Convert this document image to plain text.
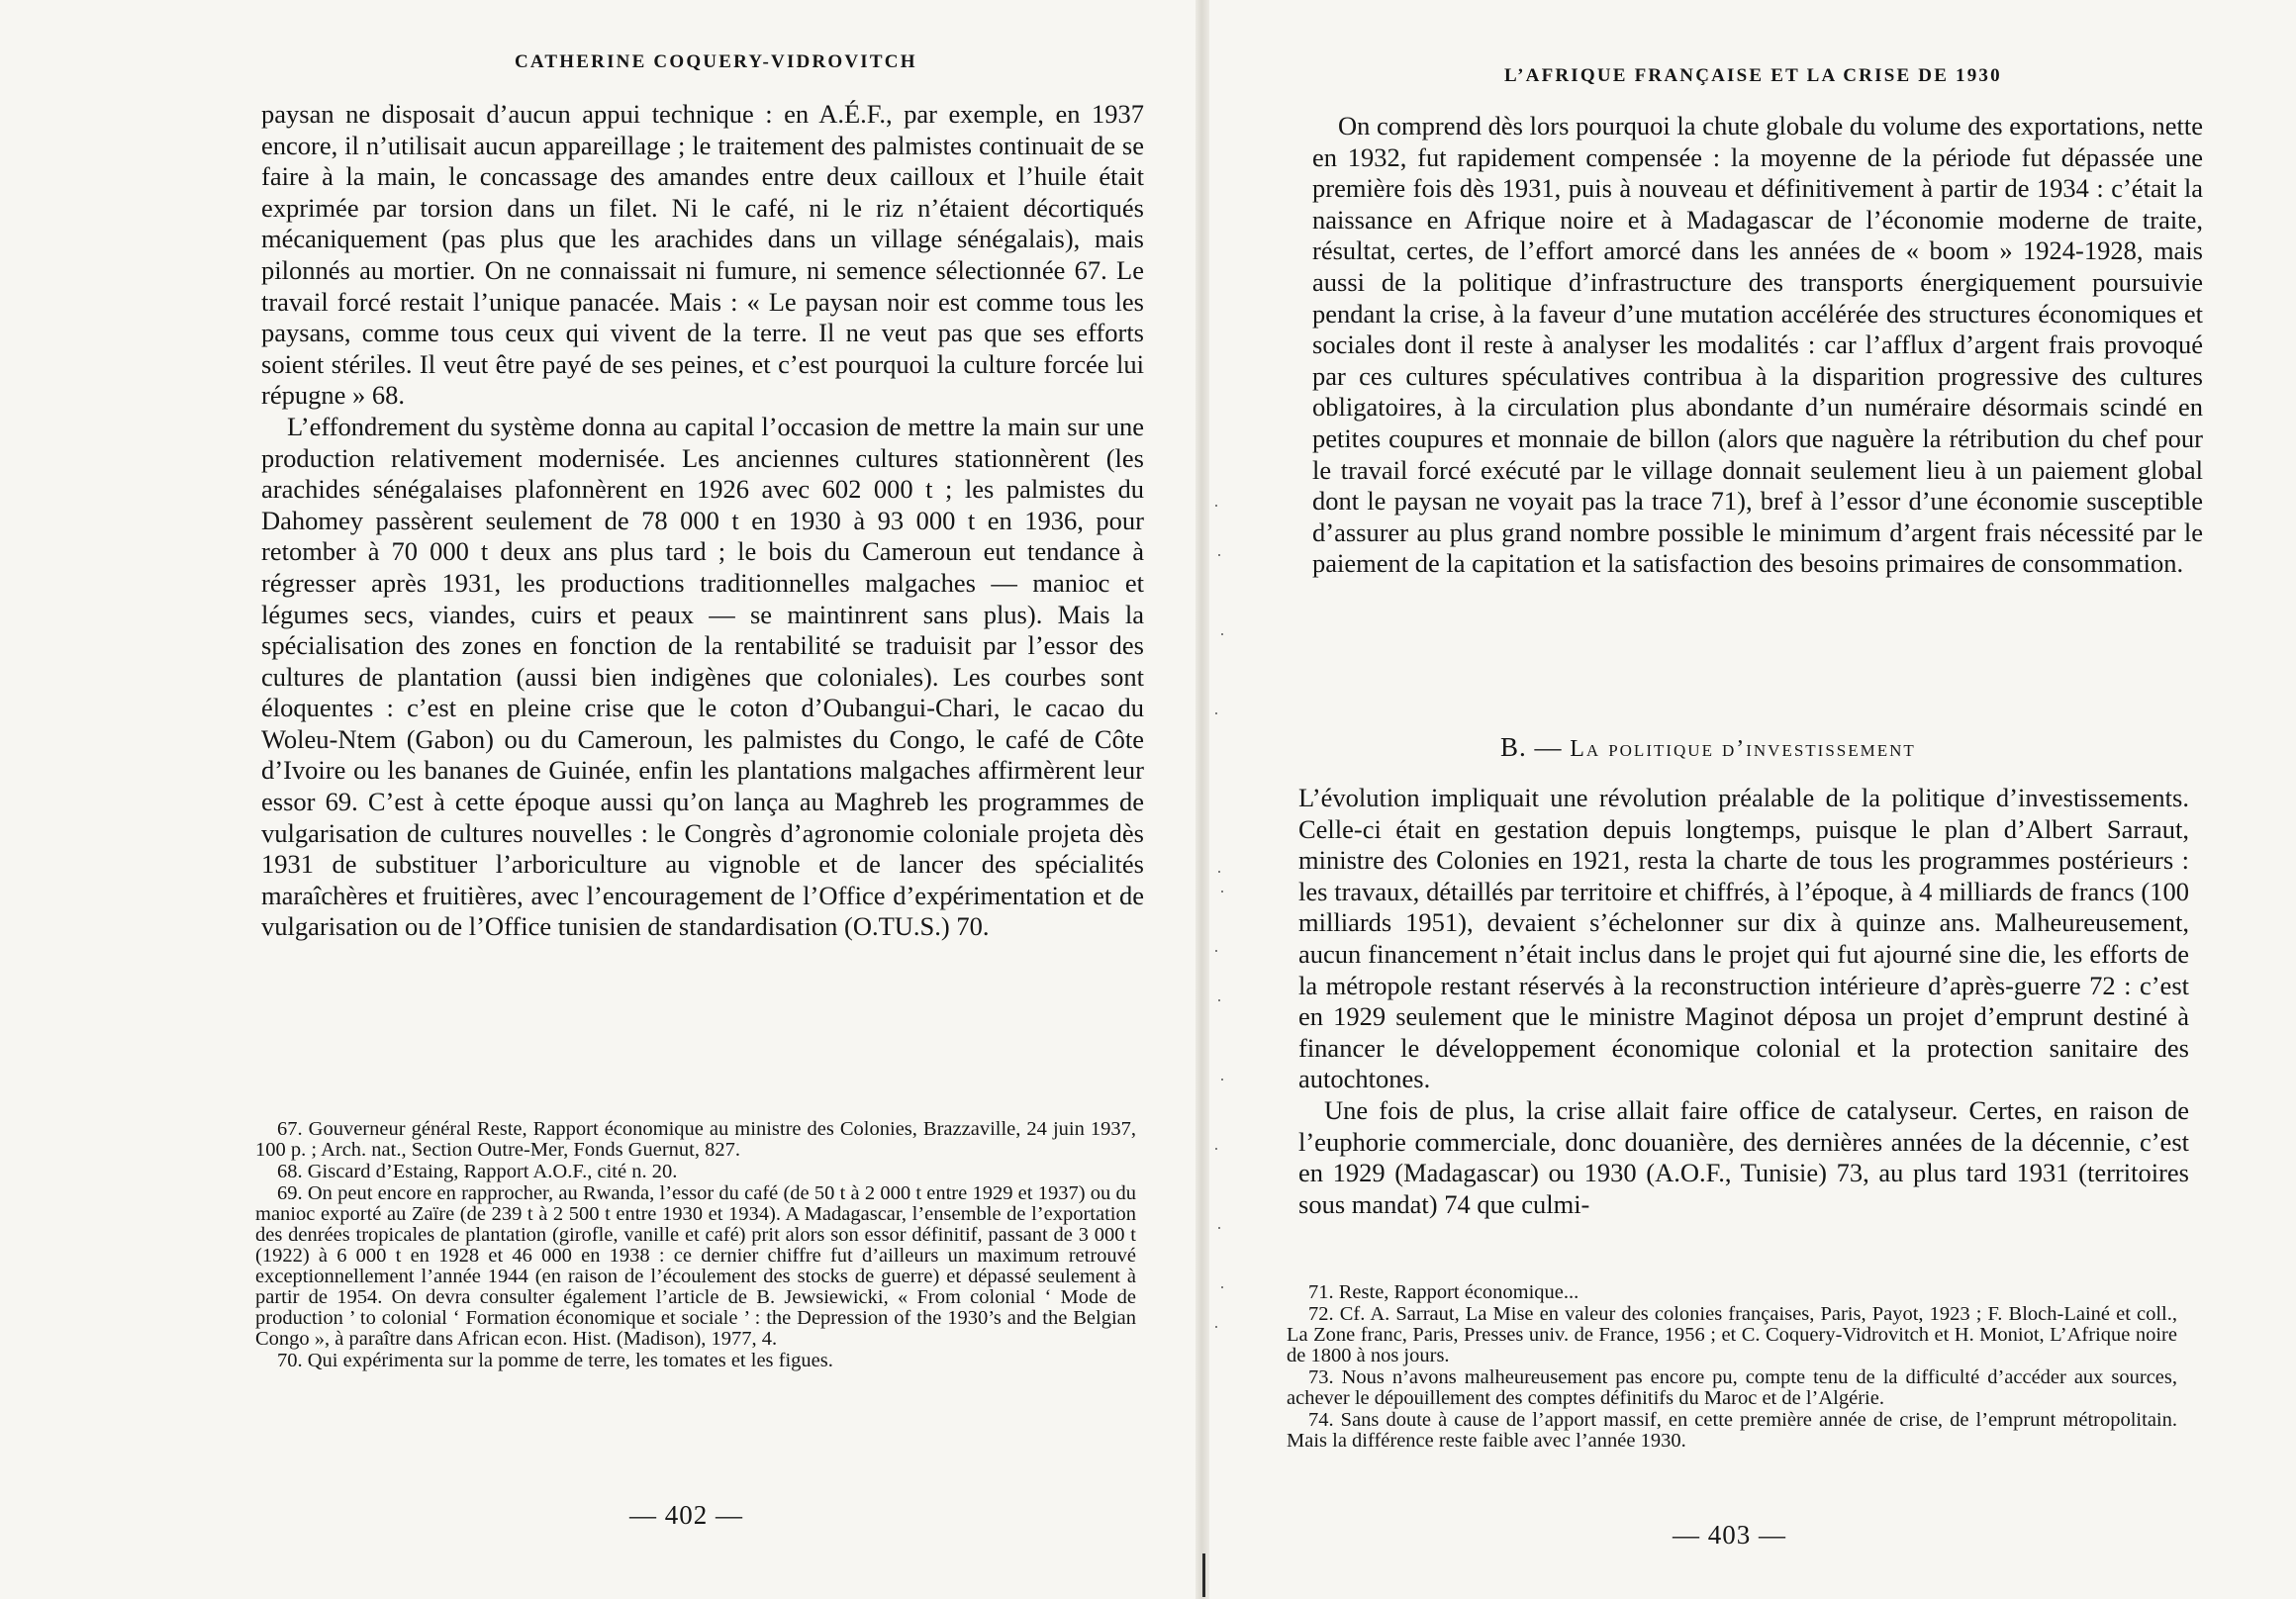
CATHERINE COQUERY-VIDROVITCH

paysan ne disposait d’aucun appui technique : en A.É.F., par exemple, en 1937 encore, il n’utilisait aucun appareillage ; le traitement des palmistes continuait de se faire à la main, le concassage des amandes entre deux cailloux et l’huile était exprimée par torsion dans un filet. Ni le café, ni le riz n’étaient décortiqués mécaniquement (pas plus que les arachides dans un village sénégalais), mais pilonnés au mortier. On ne connaissait ni fumure, ni semence sélectionnée 67. Le travail forcé restait l’unique panacée. Mais : « Le paysan noir est comme tous les paysans, comme tous ceux qui vivent de la terre. Il ne veut pas que ses efforts soient stériles. Il veut être payé de ses peines, et c’est pourquoi la culture forcée lui répugne » 68.

L’effondrement du système donna au capital l’occasion de mettre la main sur une production relativement modernisée. Les anciennes cultures stationnèrent (les arachides sénégalaises plafonnèrent en 1926 avec 602 000 t ; les palmistes du Dahomey passèrent seulement de 78 000 t en 1930 à 93 000 t en 1936, pour retomber à 70 000 t deux ans plus tard ; le bois du Cameroun eut tendance à régresser après 1931, les productions traditionnelles malgaches — manioc et légumes secs, viandes, cuirs et peaux — se maintinrent sans plus). Mais la spécialisation des zones en fonction de la rentabilité se traduisit par l’essor des cultures de plantation (aussi bien indigènes que coloniales). Les courbes sont éloquentes : c’est en pleine crise que le coton d’Oubangui-Chari, le cacao du Woleu-Ntem (Gabon) ou du Cameroun, les palmistes du Congo, le café de Côte d’Ivoire ou les bananes de Guinée, enfin les plantations malgaches affirmèrent leur essor 69. C’est à cette époque aussi qu’on lança au Maghreb les programmes de vulgarisation de cultures nouvelles : le Congrès d’agronomie coloniale projeta dès 1931 de substituer l’arboriculture au vignoble et de lancer des spécialités maraîchères et fruitières, avec l’encouragement de l’Office d’expérimentation et de vulgarisation ou de l’Office tunisien de standardisation (O.TU.S.) 70.

67. Gouverneur général Reste, Rapport économique au ministre des Colonies, Brazzaville, 24 juin 1937, 100 p. ; Arch. nat., Section Outre-Mer, Fonds Guernut, 827.

68. Giscard d’Estaing, Rapport A.O.F., cité n. 20.

69. On peut encore en rapprocher, au Rwanda, l’essor du café (de 50 t à 2 000 t entre 1929 et 1937) ou du manioc exporté au Zaïre (de 239 t à 2 500 t entre 1930 et 1934). A Madagascar, l’ensemble de l’exportation des denrées tropicales de plantation (girofle, vanille et café) prit alors son essor définitif, passant de 3 000 t (1922) à 6 000 t en 1928 et 46 000 en 1938 : ce dernier chiffre fut d’ailleurs un maximum retrouvé exceptionnellement l’année 1944 (en raison de l’écoulement des stocks de guerre) et dépassé seulement à partir de 1954. On devra consulter également l’article de B. Jewsiewicki, « From colonial ‘ Mode de production ’ to colonial ‘ Formation économique et sociale ’ : the Depression of the 1930’s and the Belgian Congo », à paraître dans African econ. Hist. (Madison), 1977, 4.

70. Qui expérimenta sur la pomme de terre, les tomates et les figues.

— 402 —
L’AFRIQUE FRANÇAISE ET LA CRISE DE 1930

On comprend dès lors pourquoi la chute globale du volume des exportations, nette en 1932, fut rapidement compensée : la moyenne de la période fut dépassée une première fois dès 1931, puis à nouveau et définitivement à partir de 1934 : c’était la naissance en Afrique noire et à Madagascar de l’économie moderne de traite, résultat, certes, de l’effort amorcé dans les années de « boom » 1924-1928, mais aussi de la politique d’infrastructure des transports énergiquement poursuivie pendant la crise, à la faveur d’une mutation accélérée des structures économiques et sociales dont il reste à analyser les modalités : car l’afflux d’argent frais provoqué par ces cultures spéculatives contribua à la disparition progressive des cultures obligatoires, à la circulation plus abondante d’un numéraire désormais scindé en petites coupures et monnaie de billon (alors que naguère la rétribution du chef pour le travail forcé exécuté par le village donnait seulement lieu à un paiement global dont le paysan ne voyait pas la trace 71), bref à l’essor d’une économie susceptible d’assurer au plus grand nombre possible le minimum d’argent frais nécessité par le paiement de la capitation et la satisfaction des besoins primaires de consommation.

B. — La politique d’investissement

L’évolution impliquait une révolution préalable de la politique d’investissements. Celle-ci était en gestation depuis longtemps, puisque le plan d’Albert Sarraut, ministre des Colonies en 1921, resta la charte de tous les programmes postérieurs : les travaux, détaillés par territoire et chiffrés, à l’époque, à 4 milliards de francs (100 milliards 1951), devaient s’échelonner sur dix à quinze ans. Malheureusement, aucun financement n’était inclus dans le projet qui fut ajourné sine die, les efforts de la métropole restant réservés à la reconstruction intérieure d’après-guerre 72 : c’est en 1929 seulement que le ministre Maginot déposa un projet d’emprunt destiné à financer le développement économique colonial et la protection sanitaire des autochtones.

Une fois de plus, la crise allait faire office de catalyseur. Certes, en raison de l’euphorie commerciale, donc douanière, des dernières années de la décennie, c’est en 1929 (Madagascar) ou 1930 (A.O.F., Tunisie) 73, au plus tard 1931 (territoires sous mandat) 74 que culmi-

71. Reste, Rapport économique...

72. Cf. A. Sarraut, La Mise en valeur des colonies françaises, Paris, Payot, 1923 ; F. Bloch-Lainé et coll., La Zone franc, Paris, Presses univ. de France, 1956 ; et C. Coquery-Vidrovitch et H. Moniot, L’Afrique noire de 1800 à nos jours.

73. Nous n’avons malheureusement pas encore pu, compte tenu de la difficulté d’accéder aux sources, achever le dépouillement des comptes définitifs du Maroc et de l’Algérie.

74. Sans doute à cause de l’apport massif, en cette première année de crise, de l’emprunt métropolitain. Mais la différence reste faible avec l’année 1930.

— 403 —
